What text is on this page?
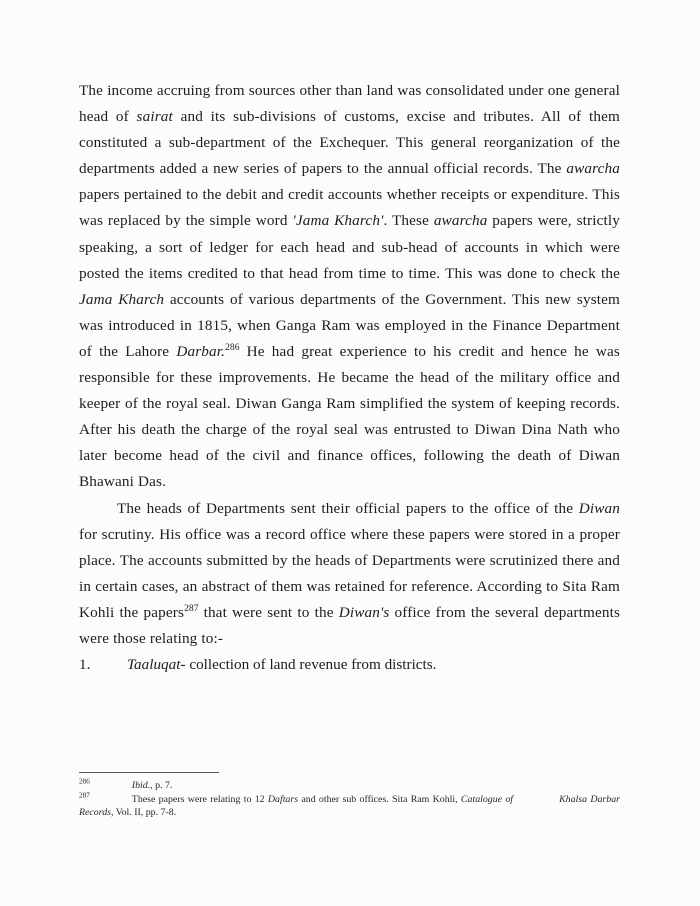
The income accruing from sources other than land was consolidated under one general head of sairat and its sub-divisions of customs, excise and tributes. All of them constituted a sub-department of the Exchequer. This general reorganization of the departments added a new series of papers to the annual official records. The awarcha papers pertained to the debit and credit accounts whether receipts or expenditure. This was replaced by the simple word 'Jama Kharch'. These awarcha papers were, strictly speaking, a sort of ledger for each head and sub-head of accounts in which were posted the items credited to that head from time to time. This was done to check the Jama Kharch accounts of various departments of the Government. This new system was introduced in 1815, when Ganga Ram was employed in the Finance Department of the Lahore Darbar.$^{286}$ He had great experience to his credit and hence he was responsible for these improvements. He became the head of the military office and keeper of the royal seal. Diwan Ganga Ram simplified the system of keeping records. After his death the charge of the royal seal was entrusted to Diwan Dina Nath who later become head of the civil and finance offices, following the death of Diwan Bhawani Das.

The heads of Departments sent their official papers to the office of the Diwan for scrutiny. His office was a record office where these papers were stored in a proper place. The accounts submitted by the heads of Departments were scrutinized there and in certain cases, an abstract of them was retained for reference. According to Sita Ram Kohli the papers$^{287}$ that were sent to the Diwan's office from the several departments were those relating to:-

1. Taaluqat- collection of land revenue from districts.

$^{286}$	Ibid., p. 7.

$^{287}$	These papers were relating to 12 Daftars and other sub offices. Sita Ram Kohli, Catalogue of	Khalsa Darbar Records, Vol. II, pp. 7-8.
